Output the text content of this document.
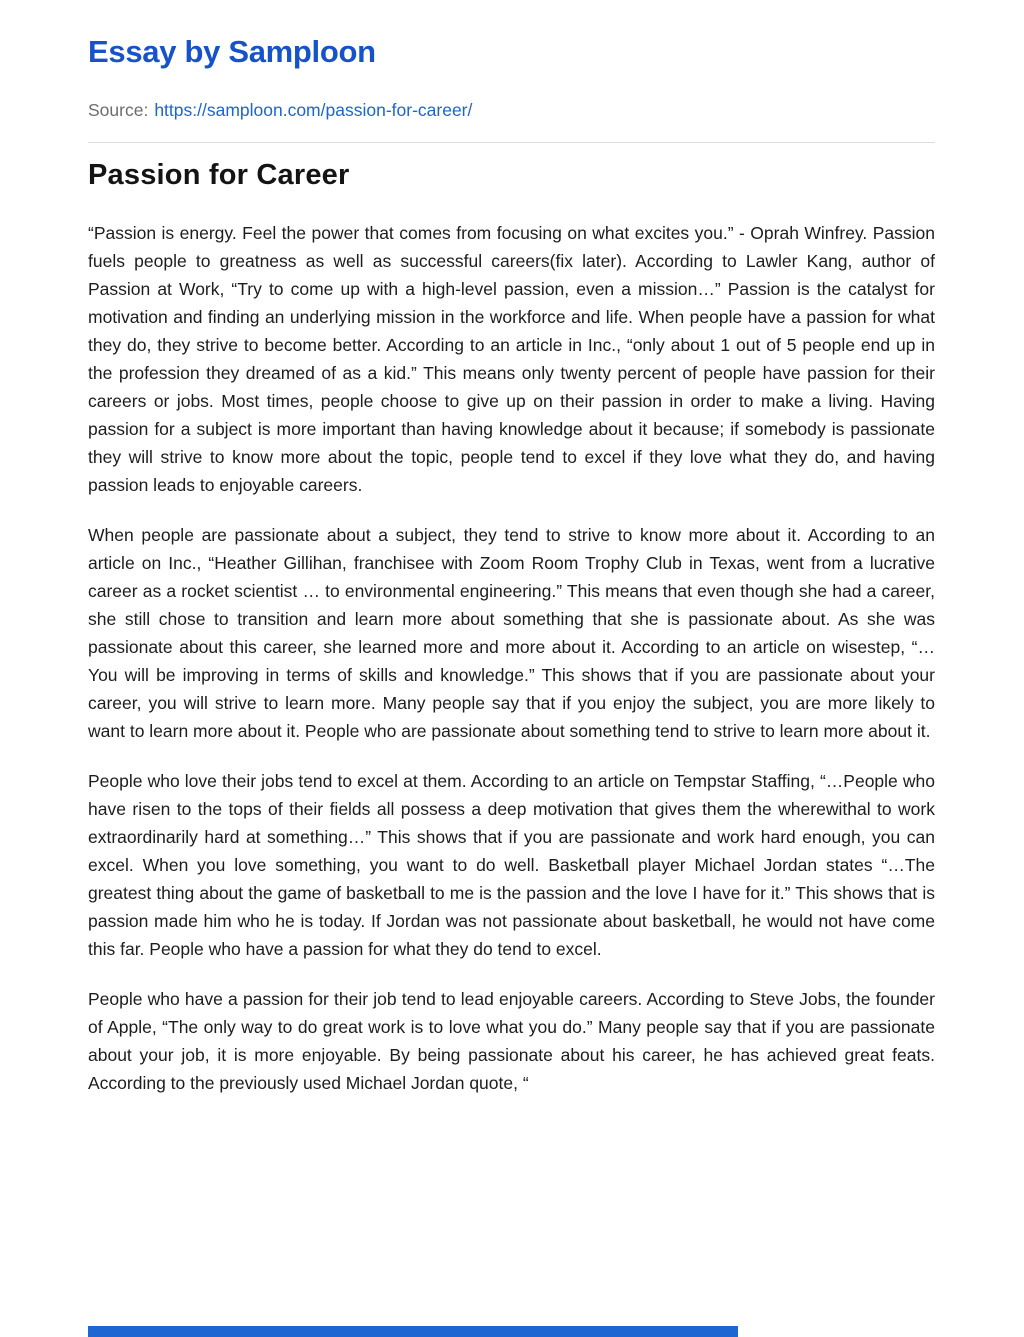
Essay by Samploon
Source: https://samploon.com/passion-for-career/
Passion for Career

“Passion is energy. Feel the power that comes from focusing on what excites you.” - Oprah Winfrey. Passion fuels people to greatness as well as successful careers(fix later). According to Lawler Kang, author of Passion at Work, “Try to come up with a high-level passion, even a mission…” Passion is the catalyst for motivation and finding an underlying mission in the workforce and life. When people have a passion for what they do, they strive to become better. According to an article in Inc., “only about 1 out of 5 people end up in the profession they dreamed of as a kid.” This means only twenty percent of people have passion for their careers or jobs. Most times, people choose to give up on their passion in order to make a living. Having passion for a subject is more important than having knowledge about it because; if somebody is passionate they will strive to know more about the topic, people tend to excel if they love what they do, and having passion leads to enjoyable careers.

When people are passionate about a subject, they tend to strive to know more about it. According to an article on Inc., “Heather Gillihan, franchisee with Zoom Room Trophy Club in Texas, went from a lucrative career as a rocket scientist … to environmental engineering.” This means that even though she had a career, she still chose to transition and learn more about something that she is passionate about. As she was passionate about this career, she learned more and more about it. According to an article on wisestep, “… You will be improving in terms of skills and knowledge.” This shows that if you are passionate about your career, you will strive to learn more. Many people say that if you enjoy the subject, you are more likely to want to learn more about it. People who are passionate about something tend to strive to learn more about it.

People who love their jobs tend to excel at them. According to an article on Tempstar Staffing, “…People who have risen to the tops of their fields all possess a deep motivation that gives them the wherewithal to work extraordinarily hard at something…” This shows that if you are passionate and work hard enough, you can excel. When you love something, you want to do well. Basketball player Michael Jordan states “…The greatest thing about the game of basketball to me is the passion and the love I have for it.” This shows that is passion made him who he is today. If Jordan was not passionate about basketball, he would not have come this far. People who have a passion for what they do tend to excel.

People who have a passion for their job tend to lead enjoyable careers. According to Steve Jobs, the founder of Apple, “The only way to do great work is to love what you do.” Many people say that if you are passionate about your job, it is more enjoyable. By being passionate about his career, he has achieved great feats. According to the previously used Michael Jordan quote, “
